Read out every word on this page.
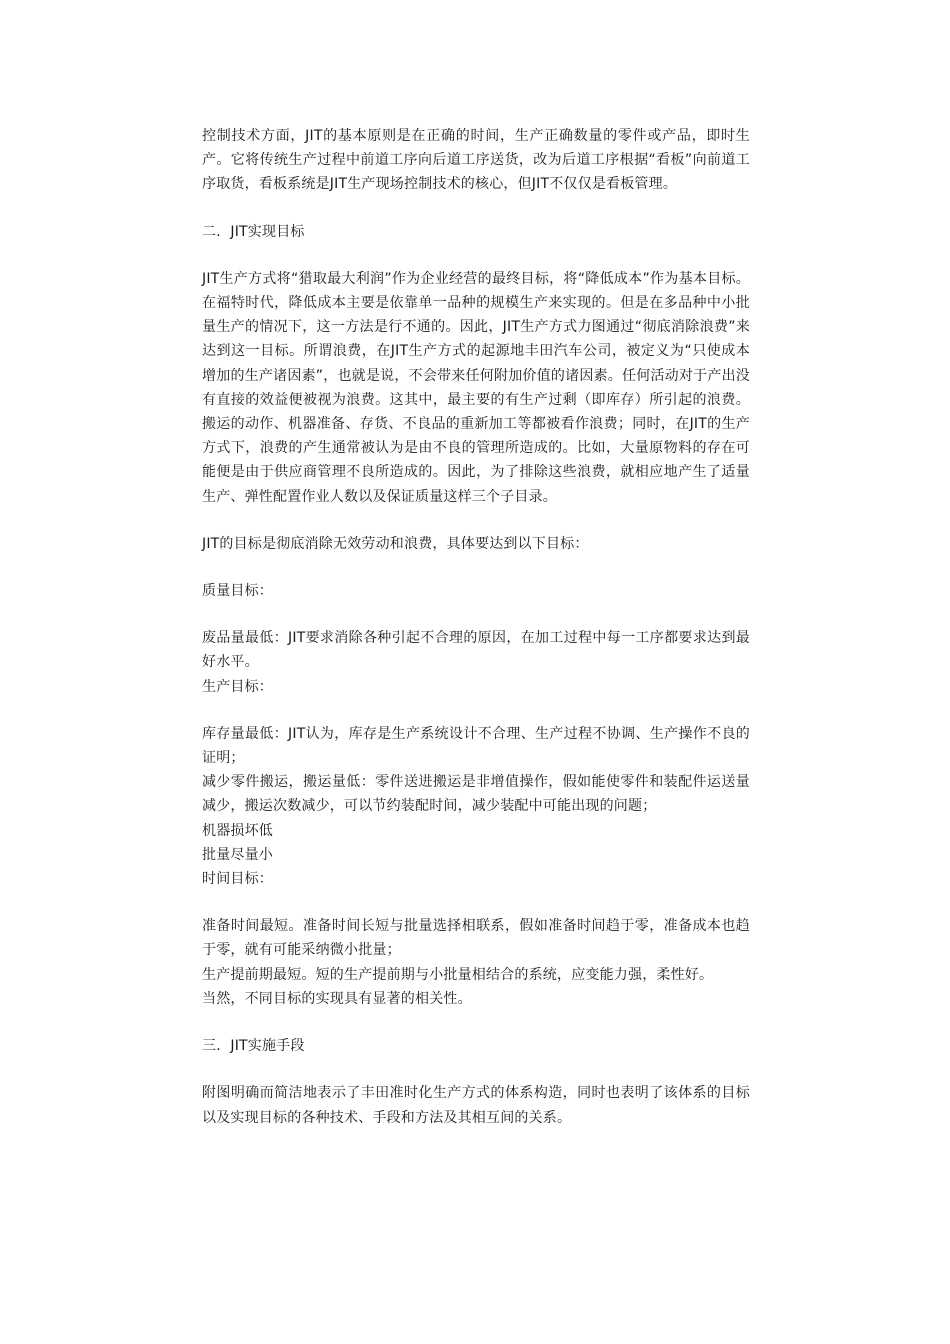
控制技术方面，JIT的基本原则是在正确的时间，生产正确数量的零件或产品，即时生产。它将传统生产过程中前道工序向后道工序送货，改为后道工序根据“看板”向前道工序取货，看板系统是JIT生产现场控制技术的核心，但JIT不仅仅是看板管理。

二．JIT实现目标

JIT生产方式将“猎取最大利润”作为企业经营的最终目标，将“降低成本”作为基本目标。在福特时代，降低成本主要是依靠单一品种的规模生产来实现的。但是在多品种中小批量生产的情况下，这一方法是行不通的。因此，JIT生产方式力图通过“彻底消除浪费”来达到这一目标。所谓浪费，在JIT生产方式的起源地丰田汽车公司，被定义为“只使成本增加的生产诸因素”，也就是说，不会带来任何附加价值的诸因素。任何活动对于产出没有直接的效益便被视为浪费。这其中，最主要的有生产过剩（即库存）所引起的浪费。搬运的动作、机器准备、存货、不良品的重新加工等都被看作浪费；同时，在JIT的生产方式下，浪费的产生通常被认为是由不良的管理所造成的。比如，大量原物料的存在可能便是由于供应商管理不良所造成的。因此，为了排除这些浪费，就相应地产生了适量生产、弹性配置作业人数以及保证质量这样三个子目录。

JIT的目标是彻底消除无效劳动和浪费，具体要达到以下目标：

质量目标：

废品量最低：JIT要求消除各种引起不合理的原因，在加工过程中每一工序都要求达到最好水平。

生产目标：

库存量最低：JIT认为，库存是生产系统设计不合理、生产过程不协调、生产操作不良的证明；

减少零件搬运，搬运量低：零件送进搬运是非增值操作，假如能使零件和装配件运送量减少，搬运次数减少，可以节约装配时间，减少装配中可能出现的问题；

机器损坏低

批量尽量小

时间目标：

准备时间最短。准备时间长短与批量选择相联系，假如准备时间趋于零，准备成本也趋于零，就有可能采纳微小批量；

生产提前期最短。短的生产提前期与小批量相结合的系统，应变能力强，柔性好。

当然，不同目标的实现具有显著的相关性。

三．JIT实施手段

附图明确而简洁地表示了丰田准时化生产方式的体系构造，同时也表明了该体系的目标以及实现目标的各种技术、手段和方法及其相互间的关系。
